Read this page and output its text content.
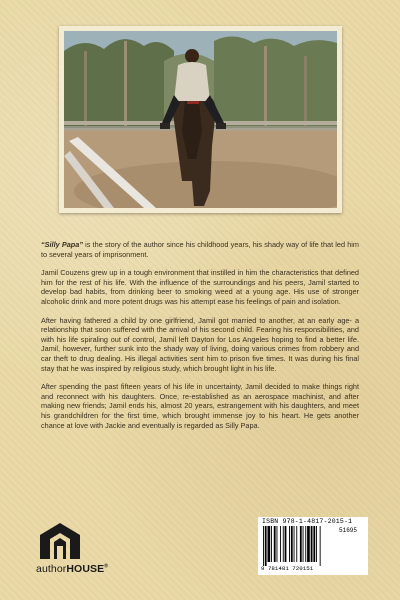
“Silly Papa” is the story of the author since his childhood years, his shady way of life that led him to several years of imprisonment.

Jamil Couzens grew up in a tough environment that instilled in him the characteristics that defined him for the rest of his life. With the influence of the surroundings and his peers, Jamil started to develop bad habits, from drinking beer to smoking weed at a young age. His use of stronger alcoholic drink and more potent drugs was his attempt ease his feelings of pain and isolation.

After having fathered a child by one girlfriend, Jamil got married to another, at an early age- a relationship that soon suffered with the arrival of his second child. Fearing his responsibilities, and with his life spiraling out of control, Jamil left Dayton for Los Angeles hoping to find a better life. Jamil, however, further sunk into the shady way of living, doing various crimes from robbery and car theft to drug dealing. His illegal activities sent him to prison five times. It was during his final stay that he was inspired by religious study, which brought light in his life.

After spending the past fifteen years of his life in uncertainty, Jamil decided to make things right and reconnect with his daughters. Once, re-established as an aerospace machinist, and after making new friends; Jamil ends his, almost 20 years, estrangement with his daughters, and meet his grandchildren for the first time, which brought immense joy to his heart. He gets another chance at love with Jackie and eventually is regarded as Silly Papa.

authorHOUSE®
ISBN 978-1-4817-2015-1
51695
9 781481 720151
